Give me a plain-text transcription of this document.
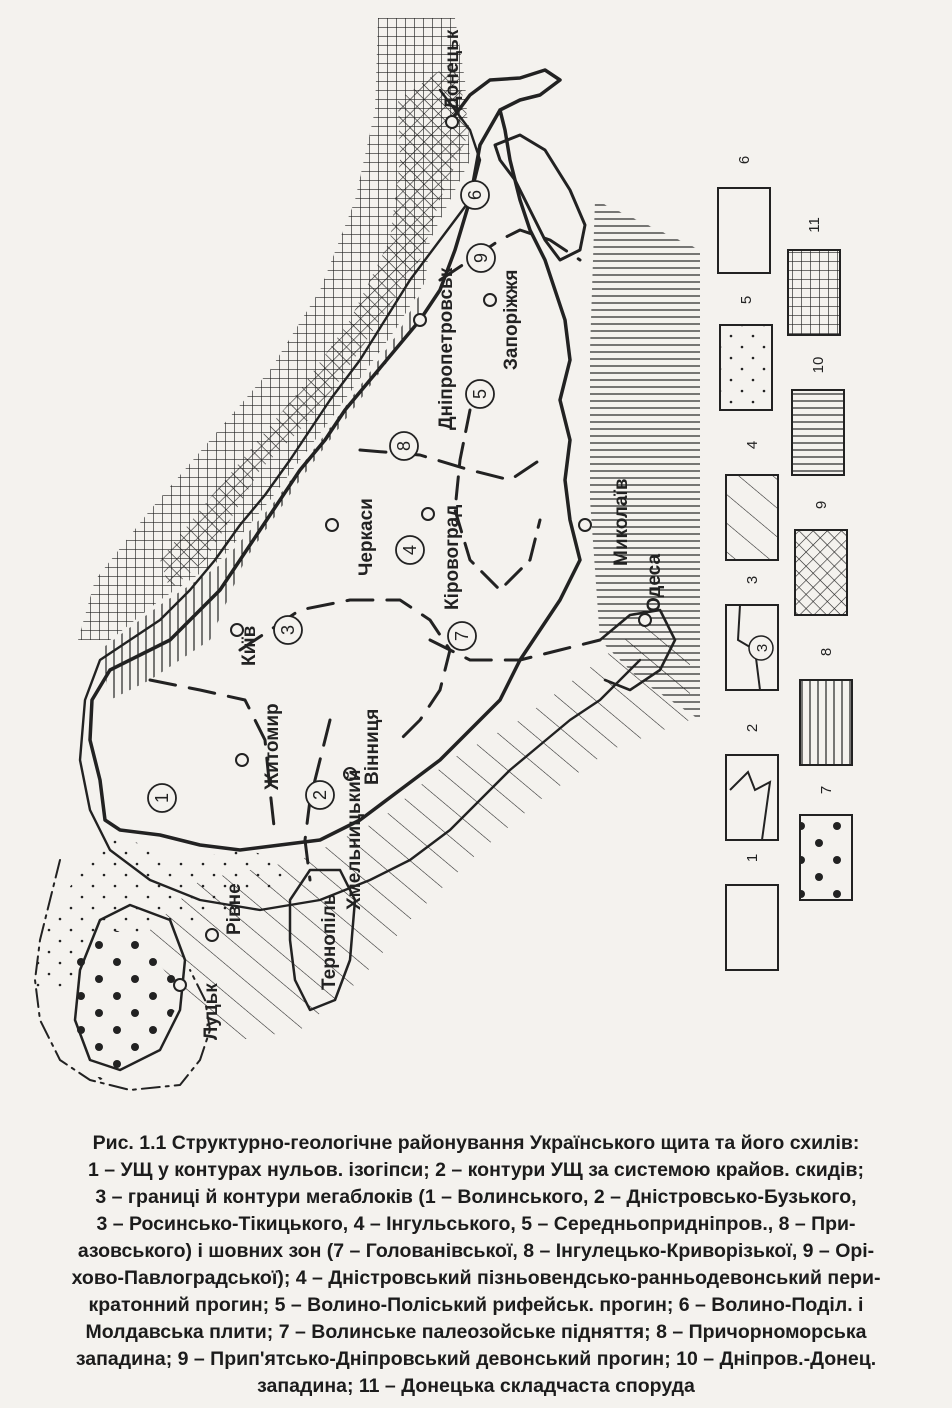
Донецьк
Дніпропетровськ Запоріжжя
Кіровоград
Черкаси	Миколаїв
Одеса
Київ
Житомир	Вінниця
Хмельницький
Тернопіль
Рівне
Луцьк
1	2
3
4
5
6
7
8
9
1
2
3
4
5
6
7
8
9
10
11
3
Рис. 1.1 Структурно-геологічне районування Українського щита та його схилів:
1 – УЩ у контурах нульов. ізогіпси; 2 – контури УЩ за системою крайов. скидів;
3 – границі й контури мегаблоків (1 – Волинського, 2 – Дністровсько-Бузького,
3 – Росинсько-Тікицького, 4 – Інгульського, 5 – Середньопридніпров., 8 – При-
азовського) і шовних зон (7 – Голованівської, 8 – Інгулецько-Криворізької, 9 – Орі-
хово-Павлоградської); 4 – Дністровський пізньовендсько-ранньодевонський пери-
кратонний прогин; 5 – Волино-Поліський рифейськ. прогин; 6 – Волино-Поділ. і
Молдавська плити; 7 – Волинське палеозойське підняття; 8 – Причорноморська
западина; 9 – Прип'ятсько-Дніпровський девонський прогин; 10 – Дніпров.-Донец.
западина; 11 – Донецька складчаста споруда
